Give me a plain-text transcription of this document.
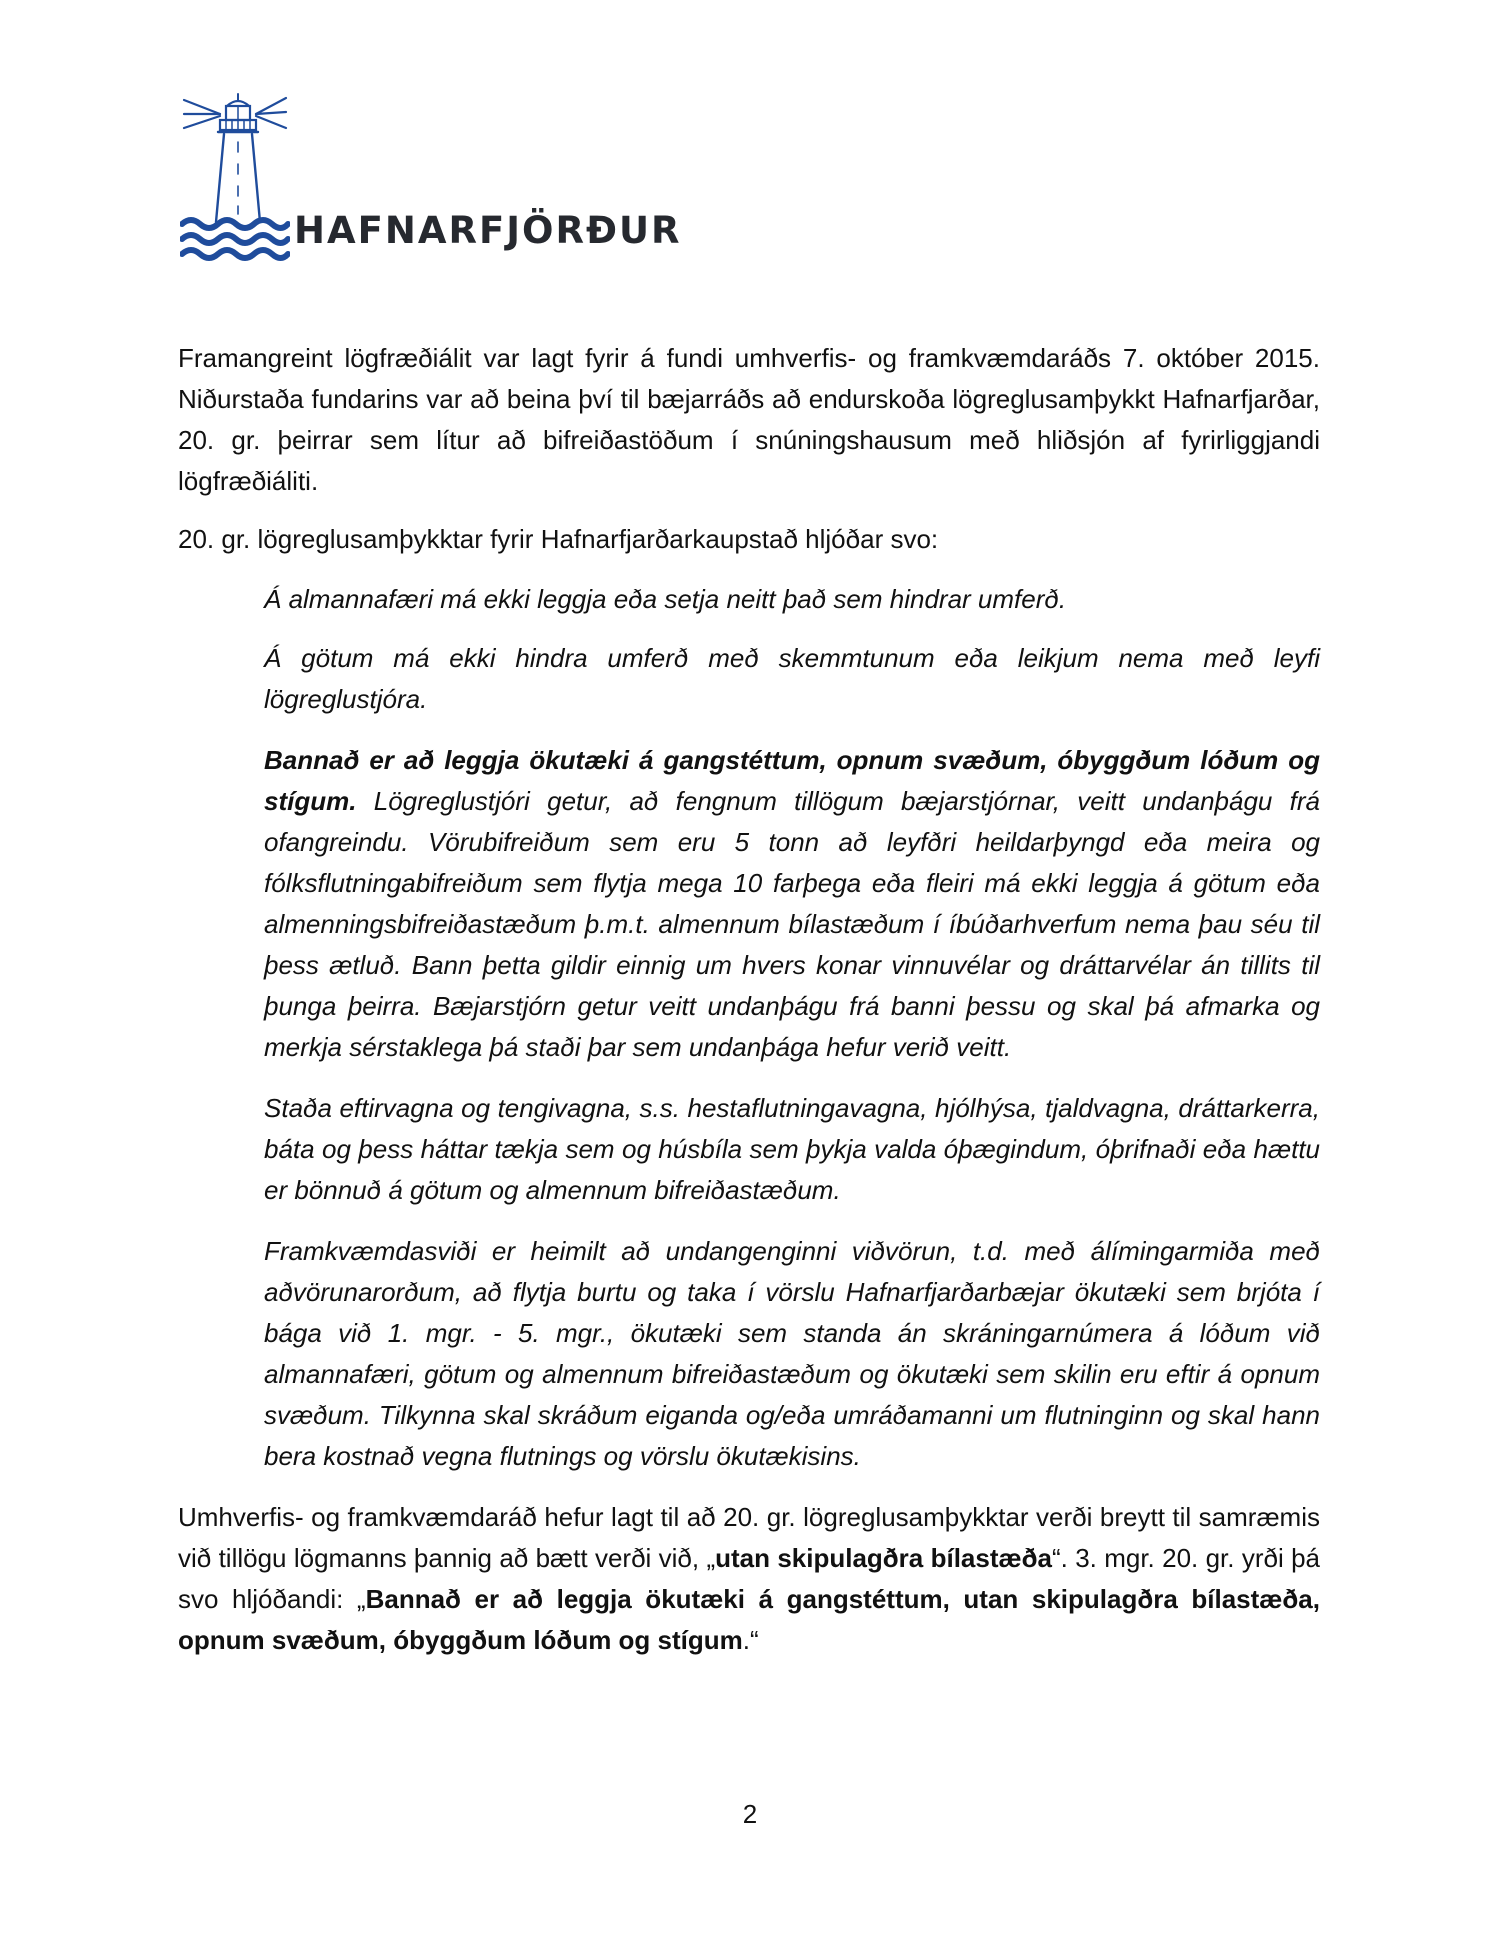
HAFNARFJÖRÐUR

Framangreint lögfræðiálit var lagt fyrir á fundi umhverfis- og framkvæmdaráðs 7. október 2015. Niðurstaða fundarins var að beina því til bæjarráðs að endurskoða lögreglusamþykkt Hafnarfjarðar, 20. gr. þeirrar sem lítur að bifreiðastöðum í snúningshausum með hliðsjón af fyrirliggjandi lögfræðiáliti.

20. gr. lögreglusamþykktar fyrir Hafnarfjarðarkaupstað hljóðar svo:

Á almannafæri má ekki leggja eða setja neitt það sem hindrar umferð.

Á götum má ekki hindra umferð með skemmtunum eða leikjum nema með leyfi lögreglustjóra.

Bannað er að leggja ökutæki á gangstéttum, opnum svæðum, óbyggðum lóðum og stígum. Lögreglustjóri getur, að fengnum tillögum bæjarstjórnar, veitt undanþágu frá ofangreindu. Vörubifreiðum sem eru 5 tonn að leyfðri heildarþyngd eða meira og fólksflutningabifreiðum sem flytja mega 10 farþega eða fleiri má ekki leggja á götum eða almenningsbifreiðastæðum þ.m.t. almennum bílastæðum í íbúðarhverfum nema þau séu til þess ætluð. Bann þetta gildir einnig um hvers konar vinnuvélar og dráttarvélar án tillits til þunga þeirra. Bæjarstjórn getur veitt undanþágu frá banni þessu og skal þá afmarka og merkja sérstaklega þá staði þar sem undanþága hefur verið veitt.

Staða eftirvagna og tengivagna, s.s. hestaflutningavagna, hjólhýsa, tjaldvagna, dráttarkerra, báta og þess háttar tækja sem og húsbíla sem þykja valda óþægindum, óþrifnaði eða hættu er bönnuð á götum og almennum bifreiðastæðum.

Framkvæmdasviði er heimilt að undangenginni viðvörun, t.d. með álímingarmiða með aðvörunarorðum, að flytja burtu og taka í vörslu Hafnarfjarðarbæjar ökutæki sem brjóta í bága við 1. mgr. - 5. mgr., ökutæki sem standa án skráningarnúmera á lóðum við almannafæri, götum og almennum bifreiðastæðum og ökutæki sem skilin eru eftir á opnum svæðum. Tilkynna skal skráðum eiganda og/eða umráðamanni um flutninginn og skal hann bera kostnað vegna flutnings og vörslu ökutækisins.

Umhverfis- og framkvæmdaráð hefur lagt til að 20. gr. lögreglusamþykktar verði breytt til samræmis við tillögu lögmanns þannig að bætt verði við, „utan skipulagðra bílastæða“. 3. mgr. 20. gr. yrði þá svo hljóðandi: „Bannað er að leggja ökutæki á gangstéttum, utan skipulagðra bílastæða, opnum svæðum, óbyggðum lóðum og stígum.“

2
